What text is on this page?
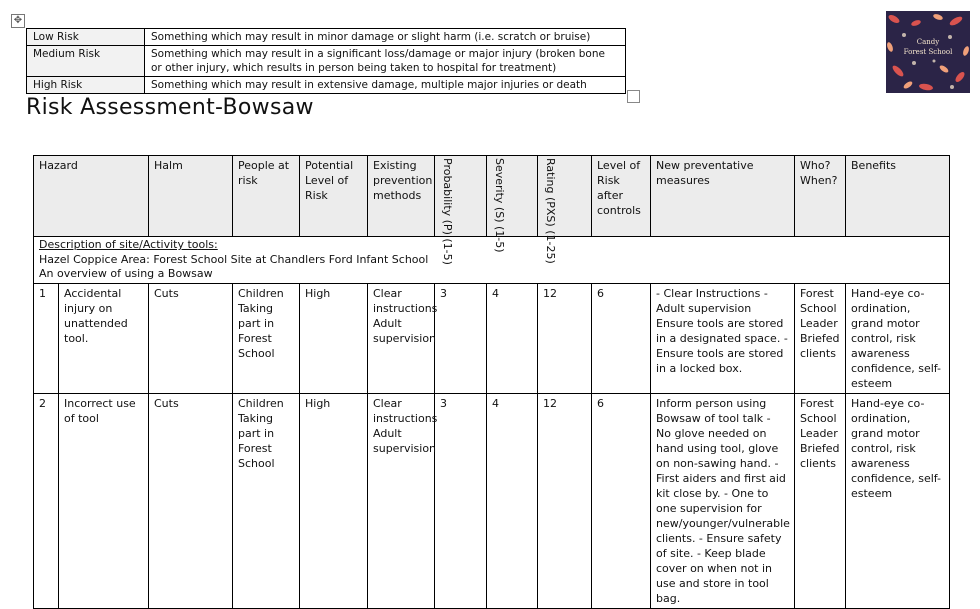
✥
Low Risk	Something which may result in minor damage or slight harm (i.e. scratch or bruise)
Medium Risk	Something which may result in a significant loss/damage or major injury (broken bone or other injury, which results in person being taken to hospital for treatment)
High Risk	Something which may result in extensive damage, multiple major injuries or death
Candy
Forest School
Risk Assessment-Bowsaw
Description of site/Activity tools:
Hazel Coppice Area: Forest School Site at Chandlers Ford Infant School
An overview of using a Bowsaw												

Hazard		Halm	People at risk	Potential Level of Risk	Existing prevention methods	Probability (P) (1-5)	Severity (S) (1-5)	Rating (PXS) (1-25)	Level of Risk after controls	New preventative measures	Who? When?	Benefits
1	Accidental injury on unattended tool.	Cuts	Children Taking part in Forest School	High	Clear instructions Adult supervision	3	4	12	6	- Clear Instructions -Adult supervision Ensure tools are stored in a designated space. - Ensure tools are stored in a locked box.	Forest School Leader Briefed clients	Hand-eye co-ordination, grand motor control, risk awareness confidence, self-esteem
2	Incorrect use of tool	Cuts	Children Taking part in Forest School	High	Clear instructions Adult supervision	3	4	12	6	Inform person using Bowsaw of tool talk - No glove needed on hand using tool, glove on non-sawing hand. - First aiders and first aid kit close by. - One to one supervision for new/younger/vulnerable clients. - Ensure safety of site. - Keep blade cover on when not in use and store in tool bag.	Forest School Leader Briefed clients	Hand-eye co-ordination, grand motor control, risk awareness confidence, self-esteem
